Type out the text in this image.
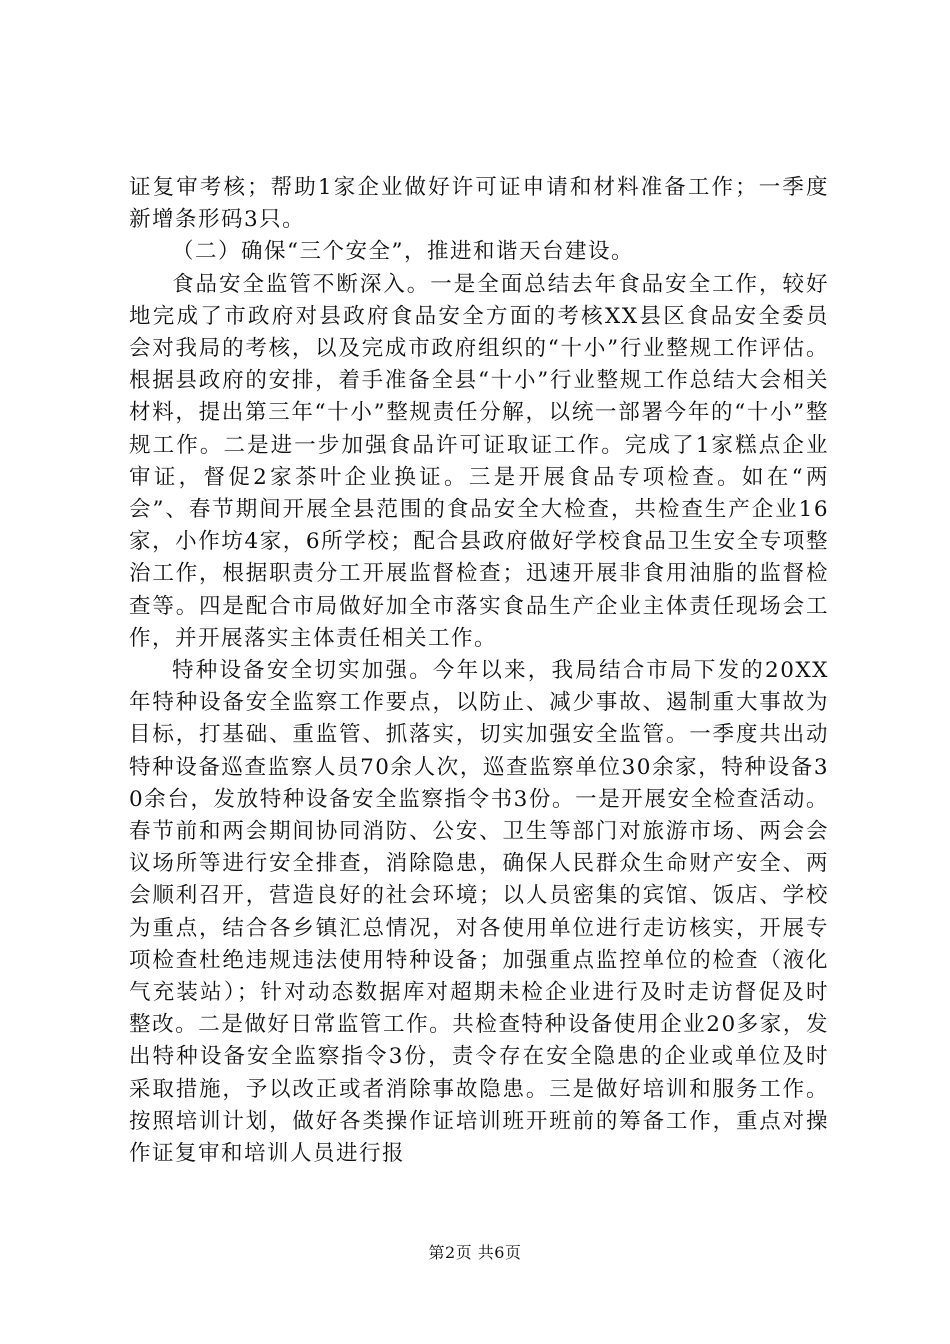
证复审考核；帮助1家企业做好许可证申请和材料准备工作；一季度新增条形码3只。

（二）确保“三个安全”，推进和谐天台建设。

食品安全监管不断深入。一是全面总结去年食品安全工作，较好地完成了市政府对县政府食品安全方面的考核XX县区食品安全委员会对我局的考核，以及完成市政府组织的“十小”行业整规工作评估。根据县政府的安排，着手准备全县“十小”行业整规工作总结大会相关材料，提出第三年“十小”整规责任分解，以统一部署今年的“十小”整规工作。二是进一步加强食品许可证取证工作。完成了1家糕点企业审证，督促2家茶叶企业换证。三是开展食品专项检查。如在“两会”、春节期间开展全县范围的食品安全大检查，共检查生产企业16家，小作坊4家，6所学校；配合县政府做好学校食品卫生安全专项整治工作，根据职责分工开展监督检查；迅速开展非食用油脂的监督检查等。四是配合市局做好加全市落实食品生产企业主体责任现场会工作，并开展落实主体责任相关工作。

特种设备安全切实加强。今年以来，我局结合市局下发的20XX年特种设备安全监察工作要点，以防止、减少事故、遏制重大事故为目标，打基础、重监管、抓落实，切实加强安全监管。一季度共出动特种设备巡查监察人员70余人次，巡查监察单位30余家，特种设备30余台，发放特种设备安全监察指令书3份。一是开展安全检查活动。春节前和两会期间协同消防、公安、卫生等部门对旅游市场、两会会议场所等进行安全排查，消除隐患，确保人民群众生命财产安全、两会顺利召开，营造良好的社会环境；以人员密集的宾馆、饭店、学校为重点，结合各乡镇汇总情况，对各使用单位进行走访核实，开展专项检查杜绝违规违法使用特种设备；加强重点监控单位的检查（液化气充装站）；针对动态数据库对超期未检企业进行及时走访督促及时整改。二是做好日常监管工作。共检查特种设备使用企业20多家，发出特种设备安全监察指令3份，责令存在安全隐患的企业或单位及时采取措施，予以改正或者消除事故隐患。三是做好培训和服务工作。按照培训计划，做好各类操作证培训班开班前的筹备工作，重点对操作证复审和培训人员进行报

第2页 共6页
